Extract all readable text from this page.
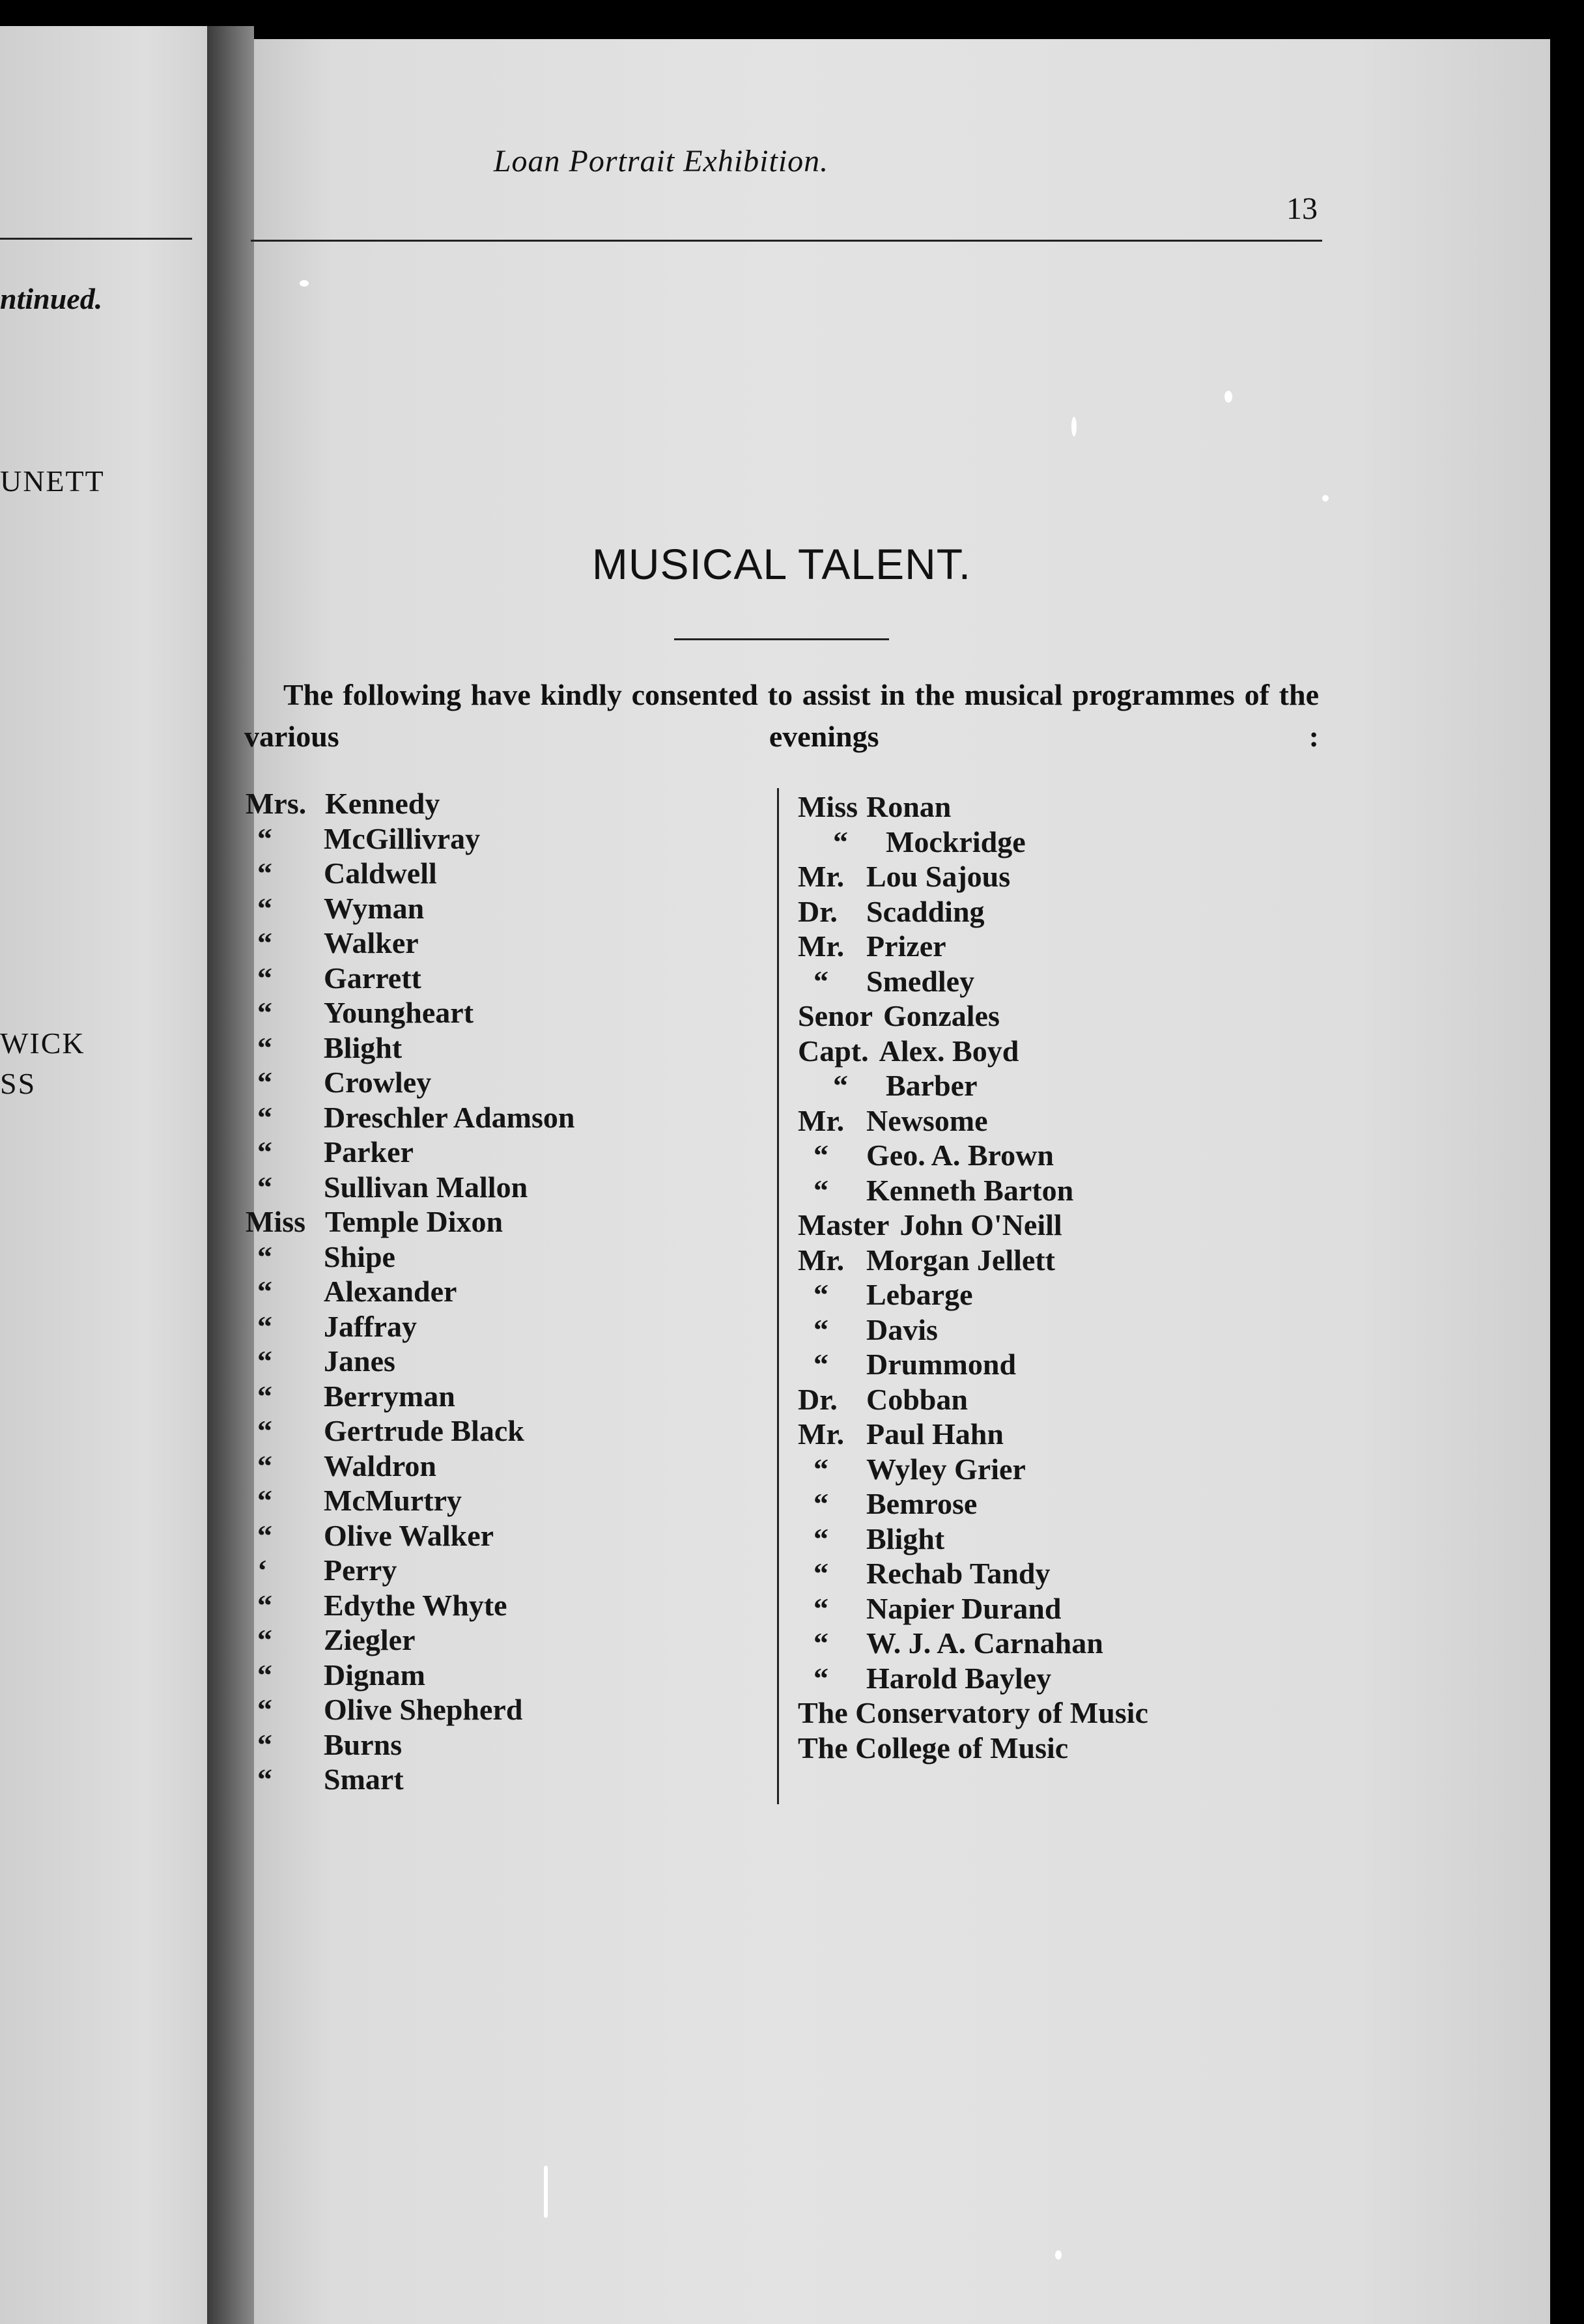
ntinued.
UNETT
WICK
SS
Loan Portrait Exhibition.
13
MUSICAL TALENT.
The following have kindly consented to assist in the musical programmes of the various evenings :
Mrs. Kennedy
“ McGillivray
“ Caldwell
“ Wyman
“ Walker
“ Garrett
“ Youngheart
“ Blight
“ Crowley
“ Dreschler Adamson
“ Parker
“ Sullivan Mallon
Miss Temple Dixon
“ Shipe
“ Alexander
“ Jaffray
“ Janes
“ Berryman
“ Gertrude Black
“ Waldron
“ McMurtry
“ Olive Walker
‘ Perry
“ Edythe Whyte
“ Ziegler
“ Dignam
“ Olive Shepherd
“ Burns
“ Smart
Miss Ronan
“ Mockridge
Mr. Lou Sajous
Dr. Scadding
Mr. Prizer
“ Smedley
Senor Gonzales
Capt. Alex. Boyd
“ Barber
Mr. Newsome
“ Geo. A. Brown
“ Kenneth Barton
Master John O'Neill
Mr. Morgan Jellett
“ Lebarge
“ Davis
“ Drummond
Dr. Cobban
Mr. Paul Hahn
“ Wyley Grier
“ Bemrose
“ Blight
“ Rechab Tandy
“ Napier Durand
“ W. J. A. Carnahan
“ Harold Bayley
The Conservatory of Music
The College of Music
